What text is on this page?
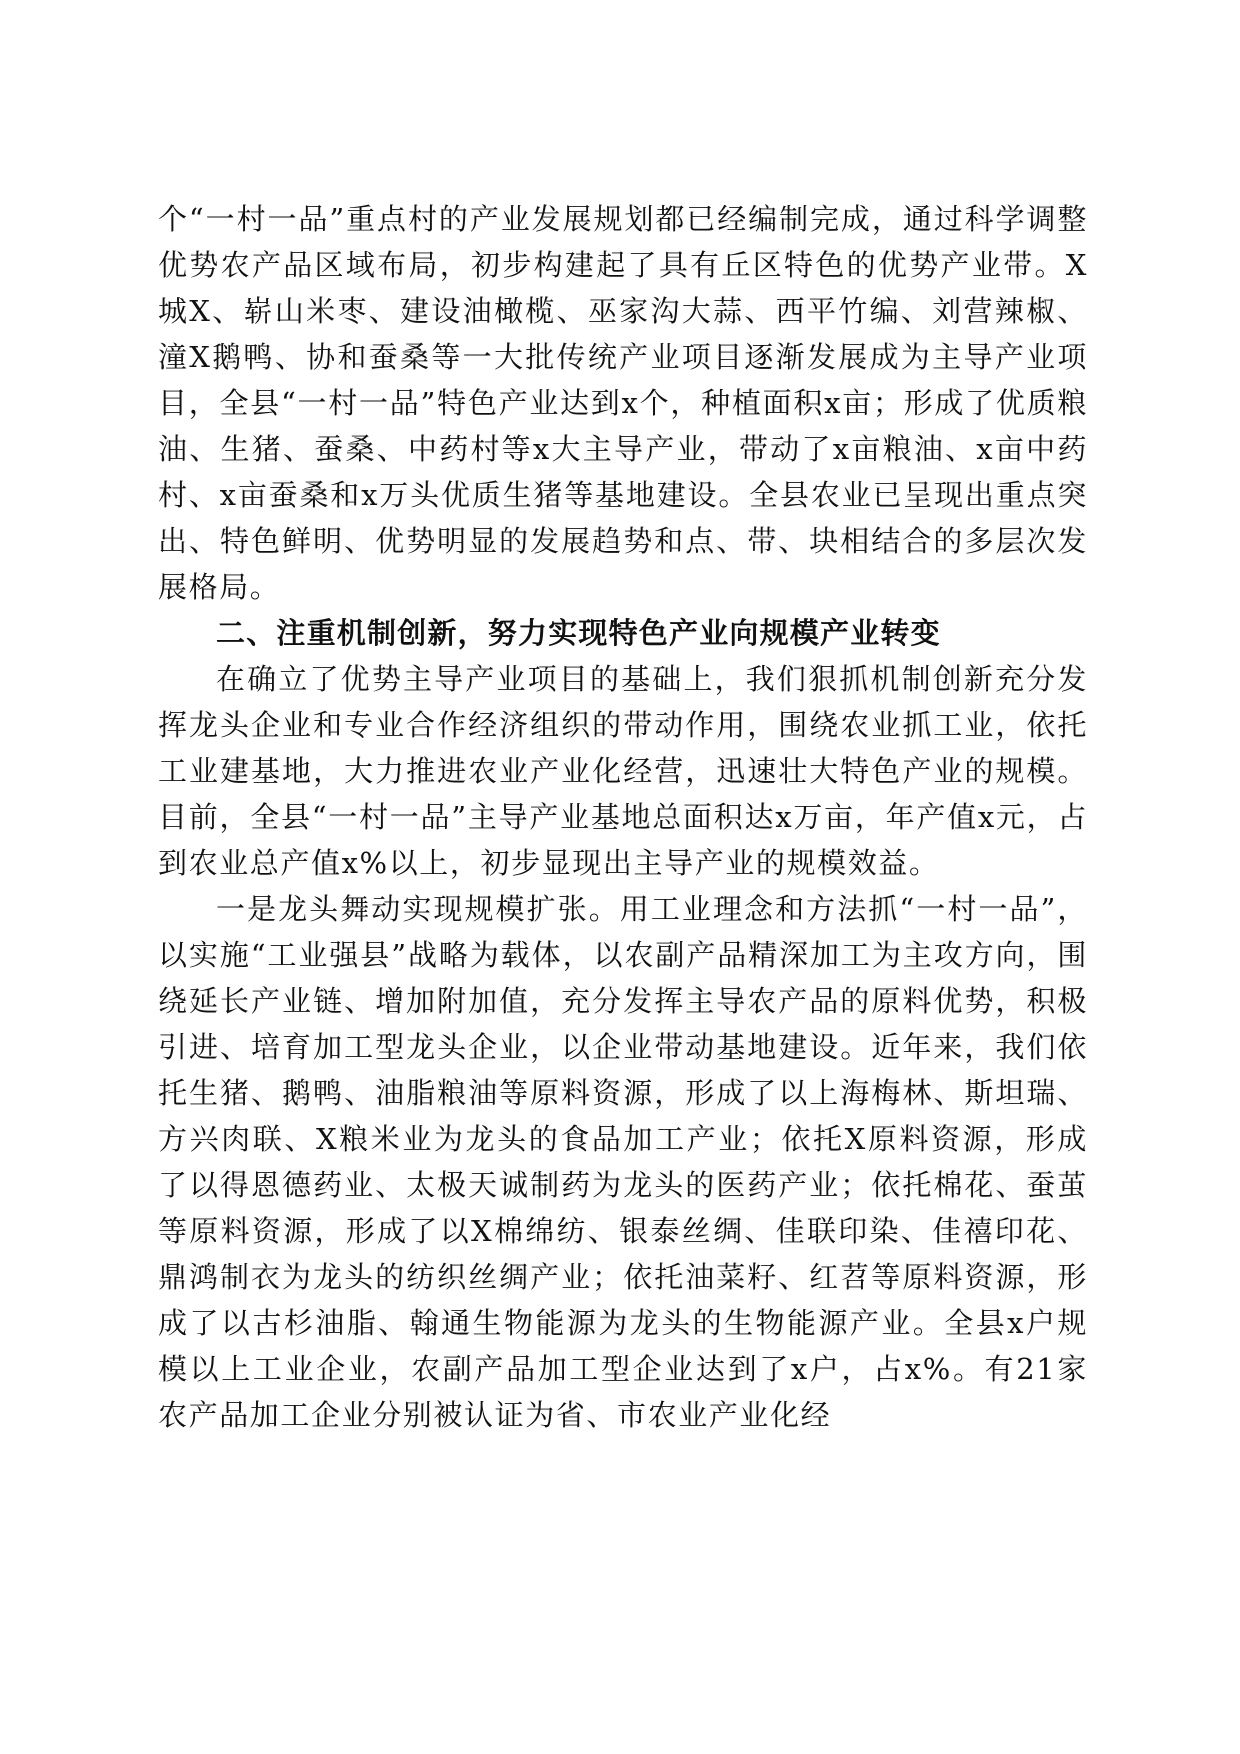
个“一村一品”重点村的产业发展规划都已经编制完成，通过科学调整优势农产品区域布局，初步构建起了具有丘区特色的优势产业带。X城X、崭山米枣、建设油橄榄、巫家沟大蒜、西平竹编、刘营辣椒、潼X鹅鸭、协和蚕桑等一大批传统产业项目逐渐发展成为主导产业项目，全县“一村一品”特色产业达到x个，种植面积x亩；形成了优质粮油、生猪、蚕桑、中药村等x大主导产业，带动了x亩粮油、x亩中药村、x亩蚕桑和x万头优质生猪等基地建设。全县农业已呈现出重点突出、特色鲜明、优势明显的发展趋势和点、带、块相结合的多层次发展格局。

二、注重机制创新，努力实现特色产业向规模产业转变

在确立了优势主导产业项目的基础上，我们狠抓机制创新充分发挥龙头企业和专业合作经济组织的带动作用，围绕农业抓工业，依托工业建基地，大力推进农业产业化经营，迅速壮大特色产业的规模。目前，全县“一村一品”主导产业基地总面积达x万亩，年产值x元，占到农业总产值x%以上，初步显现出主导产业的规模效益。

一是龙头舞动实现规模扩张。用工业理念和方法抓“一村一品”，以实施“工业强县”战略为载体，以农副产品精深加工为主攻方向，围绕延长产业链、增加附加值，充分发挥主导农产品的原料优势，积极引进、培育加工型龙头企业，以企业带动基地建设。近年来，我们依托生猪、鹅鸭、油脂粮油等原料资源，形成了以上海梅林、斯坦瑞、方兴肉联、X粮米业为龙头的食品加工产业；依托X原料资源，形成了以得恩德药业、太极天诚制药为龙头的医药产业；依托棉花、蚕茧等原料资源，形成了以X棉绵纺、银泰丝绸、佳联印染、佳禧印花、鼎鸿制衣为龙头的纺织丝绸产业；依托油菜籽、红苕等原料资源，形成了以古杉油脂、翰通生物能源为龙头的生物能源产业。全县x户规模以上工业企业，农副产品加工型企业达到了x户，占x%。有21家农产品加工企业分别被认证为省、市农业产业化经
